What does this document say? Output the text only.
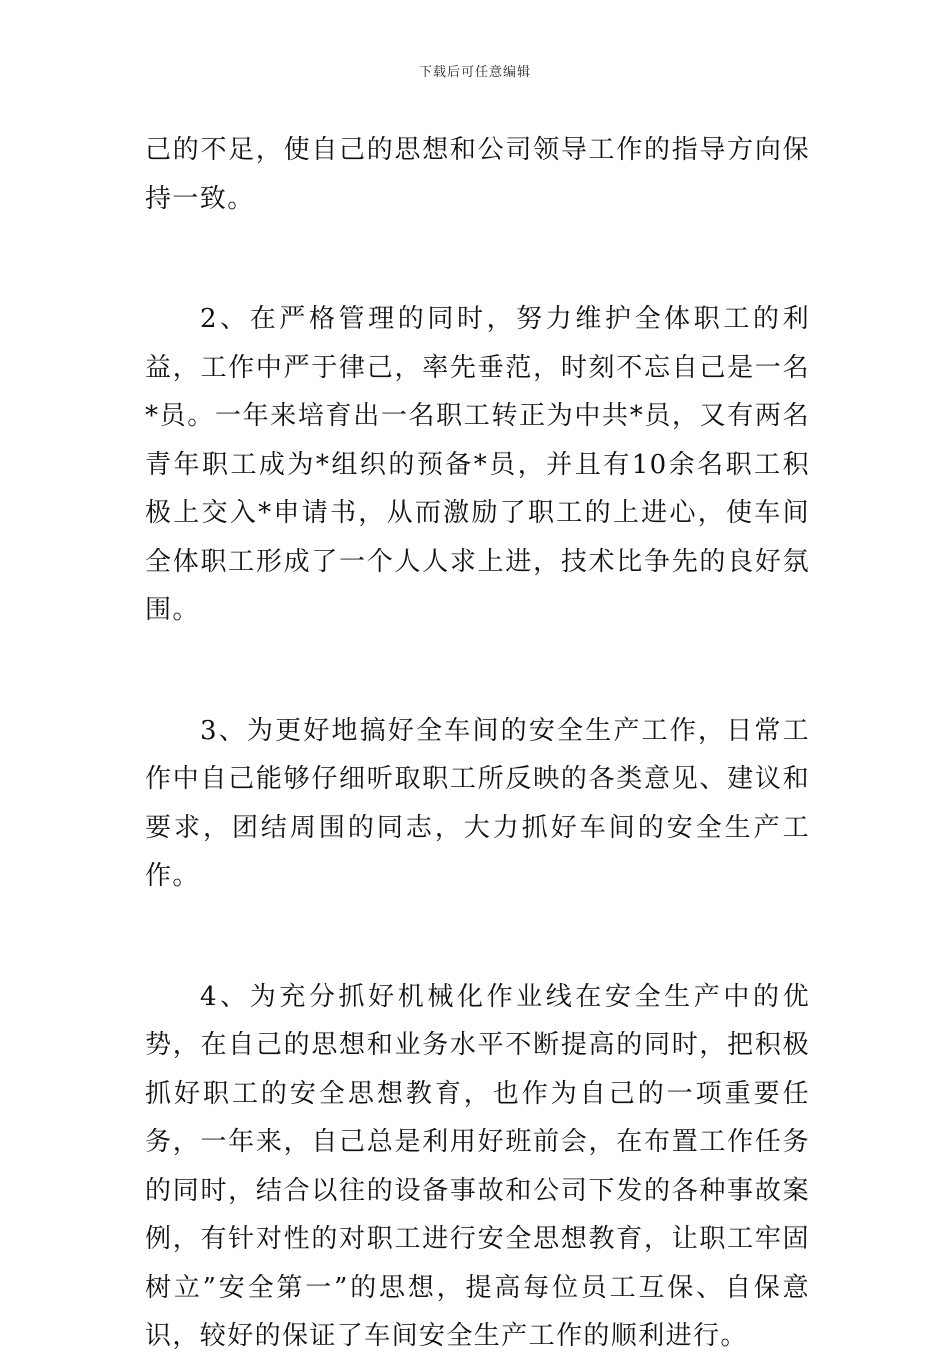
下载后可任意编辑

己的不足，使自己的思想和公司领导工作的指导方向保持一致。

2、在严格管理的同时，努力维护全体职工的利益，工作中严于律己，率先垂范，时刻不忘自己是一名*员。一年来培育出一名职工转正为中共*员，又有两名青年职工成为*组织的预备*员，并且有10余名职工积极上交入*申请书，从而激励了职工的上进心，使车间全体职工形成了一个人人求上进，技术比争先的良好氛围。

3、为更好地搞好全车间的安全生产工作，日常工作中自己能够仔细听取职工所反映的各类意见、建议和要求，团结周围的同志，大力抓好车间的安全生产工作。

4、为充分抓好机械化作业线在安全生产中的优势，在自己的思想和业务水平不断提高的同时，把积极抓好职工的安全思想教育，也作为自己的一项重要任务，一年来，自己总是利用好班前会，在布置工作任务的同时，结合以往的设备事故和公司下发的各种事故案例，有针对性的对职工进行安全思想教育，让职工牢固树立”安全第一”的思想，提高每位员工互保、自保意识，较好的保证了车间安全生产工作的顺利进行。
